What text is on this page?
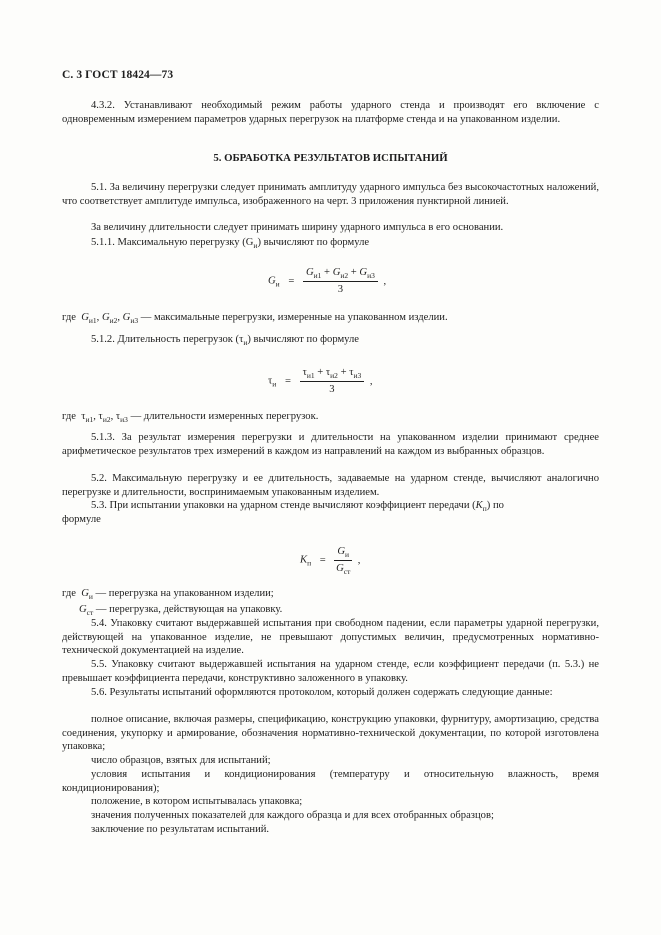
С. 3 ГОСТ 18424—73
4.3.2. Устанавливают необходимый режим работы ударного стенда и производят его включение с одновременным измерением параметров ударных перегрузок на платформе стенда и на упакованном изделии.
5. ОБРАБОТКА РЕЗУЛЬТАТОВ ИСПЫТАНИЙ
5.1. За величину перегрузки следует принимать амплитуду ударного импульса без высокочастотных наложений, что соответствует амплитуде импульса, изображенного на черт. 3 приложения пунктирной линией.
За величину длительности следует принимать ширину ударного импульса в его основании.
5.1.1. Максимальную перегрузку $(G_и)$ вычисляют по формуле
$G_и = \frac{G_{и1} + G_{и2} + G_{и3}}{3}$ ,
где $G_{и1}$, $G_{и2}$, $G_{и3}$ — максимальные перегрузки, измеренные на упакованном изделии.
5.1.2. Длительность перегрузок $(\tau_и)$ вычисляют по формуле
$\tau_и = \frac{\tau_{и1} + \tau_{и2} + \tau_{и3}}{3}$ ,
где $\tau_{и1}$, $\tau_{и2}$, $\tau_{и3}$ — длительности измеренных перегрузок.
5.1.3. За результат измерения перегрузки и длительности на упакованном изделии принимают среднее арифметическое результатов трех измерений в каждом из направлений на каждом из выбранных образцов.
5.2. Максимальную перегрузку и ее длительность, задаваемые на ударном стенде, вычисляют аналогично перегрузке и длительности, воспринимаемым упакованным изделием.
5.3. При испытании упаковки на ударном стенде вычисляют коэффициент передачи $(K_п)$ по
формуле
$K_п = \frac{G_и}{G_{ст}}$ ,
где $G_и$ — перегрузка на упакованном изделии;
$G_{ст}$ — перегрузка, действующая на упаковку.
5.4. Упаковку считают выдержавшей испытания при свободном падении, если параметры ударной перегрузки, действующей на упакованное изделие, не превышают допустимых величин, предусмотренных нормативно-технической документацией на изделие.
5.5. Упаковку считают выдержавшей испытания на ударном стенде, если коэффициент передачи (п. 5.3.) не превышает коэффициента передачи, конструктивно заложенного в упаковку.
5.6. Результаты испытаний оформляются протоколом, который должен содержать следующие данные:
полное описание, включая размеры, спецификацию, конструкцию упаковки, фурнитуру, амортизацию, средства соединения, укупорку и армирование, обозначения нормативно-технической документации, по которой изготовлена упаковка;
число образцов, взятых для испытаний;
условия испытания и кондиционирования (температуру и относительную влажность, время кондиционирования);
положение, в котором испытывалась упаковка;
значения полученных показателей для каждого образца и для всех отобранных образцов;
заключение по результатам испытаний.
